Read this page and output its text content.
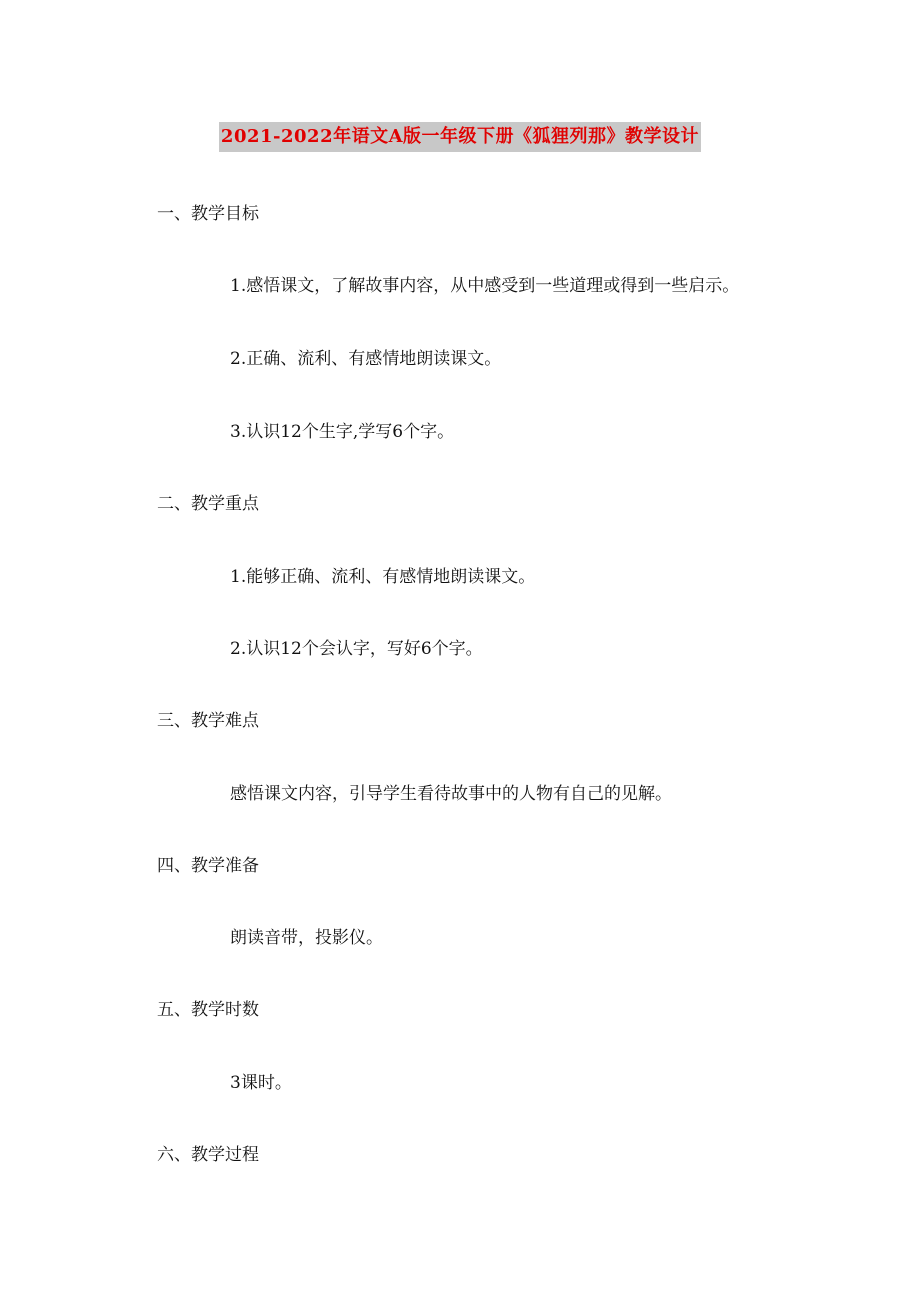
2021-2022年语文A版一年级下册《狐狸列那》教学设计
一、教学目标
1.感悟课文，了解故事内容，从中感受到一些道理或得到一些启示。
2.正确、流利、有感情地朗读课文。
3.认识12个生字,学写6个字。
二、教学重点
1.能够正确、流利、有感情地朗读课文。
2.认识12个会认字，写好6个字。
三、教学难点
感悟课文内容，引导学生看待故事中的人物有自己的见解。
四、教学准备
朗读音带，投影仪。
五、教学时数
3课时。
六、教学过程
